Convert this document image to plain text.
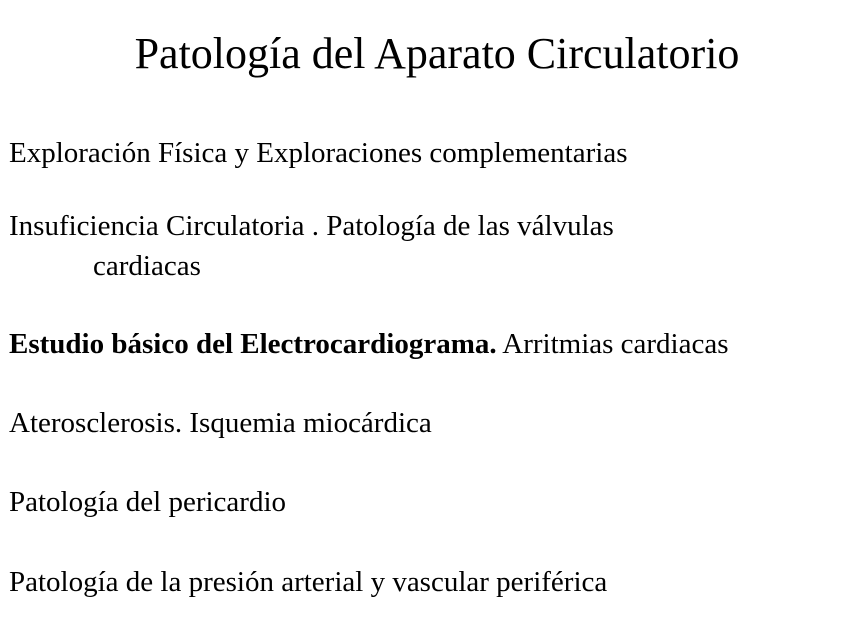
Patología del Aparato Circulatorio
Exploración Física y Exploraciones complementarias
Insuficiencia Circulatoria . Patología de las válvulas
cardiacas
Estudio básico del Electrocardiograma. Arritmias cardiacas
Aterosclerosis. Isquemia miocárdica
Patología del pericardio
Patología de la presión arterial y vascular periférica
